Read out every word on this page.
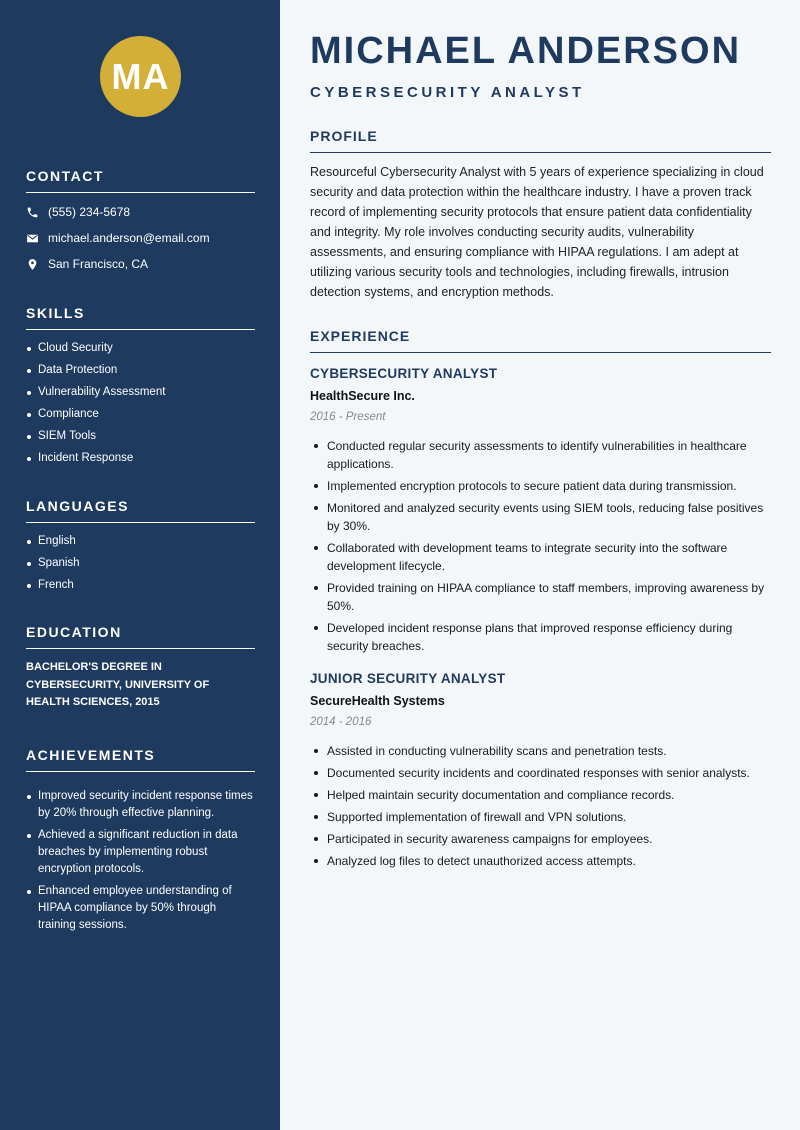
MA
CONTACT
(555) 234-5678
michael.anderson@email.com
San Francisco, CA
SKILLS
Cloud Security
Data Protection
Vulnerability Assessment
Compliance
SIEM Tools
Incident Response
LANGUAGES
English
Spanish
French
EDUCATION
BACHELOR'S DEGREE IN CYBERSECURITY, UNIVERSITY OF HEALTH SCIENCES, 2015
ACHIEVEMENTS
Improved security incident response times by 20% through effective planning.
Achieved a significant reduction in data breaches by implementing robust encryption protocols.
Enhanced employee understanding of HIPAA compliance by 50% through training sessions.
MICHAEL ANDERSON
CYBERSECURITY ANALYST
PROFILE

Resourceful Cybersecurity Analyst with 5 years of experience specializing in cloud security and data protection within the healthcare industry. I have a proven track record of implementing security protocols that ensure patient data confidentiality and integrity. My role involves conducting security audits, vulnerability assessments, and ensuring compliance with HIPAA regulations. I am adept at utilizing various security tools and technologies, including firewalls, intrusion detection systems, and encryption methods.

EXPERIENCE
CYBERSECURITY ANALYST

HealthSecure Inc.

2016 - Present

Conducted regular security assessments to identify vulnerabilities in healthcare applications.
Implemented encryption protocols to secure patient data during transmission.
Monitored and analyzed security events using SIEM tools, reducing false positives by 30%.
Collaborated with development teams to integrate security into the software development lifecycle.
Provided training on HIPAA compliance to staff members, improving awareness by 50%.
Developed incident response plans that improved response efficiency during security breaches.
JUNIOR SECURITY ANALYST

SecureHealth Systems

2014 - 2016

Assisted in conducting vulnerability scans and penetration tests.
Documented security incidents and coordinated responses with senior analysts.
Helped maintain security documentation and compliance records.
Supported implementation of firewall and VPN solutions.
Participated in security awareness campaigns for employees.
Analyzed log files to detect unauthorized access attempts.
